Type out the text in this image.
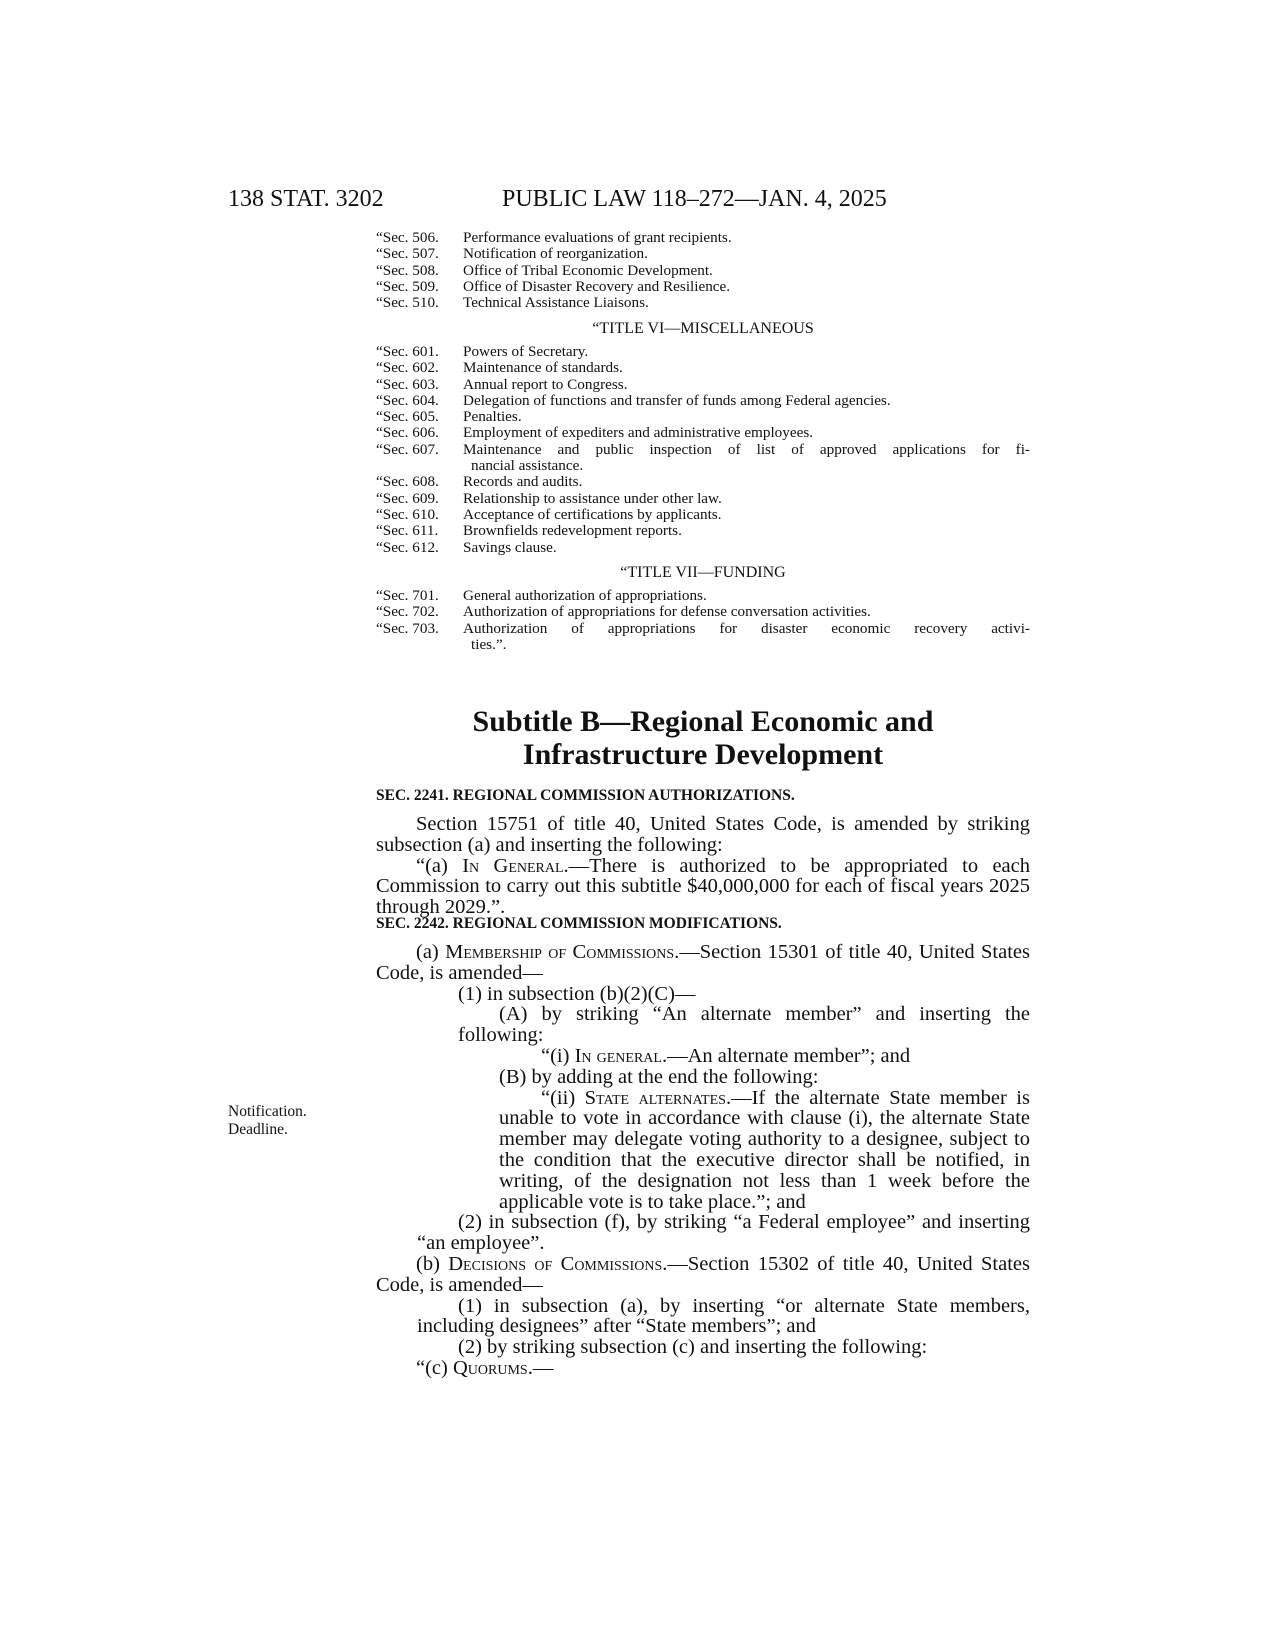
138 STAT. 3202	PUBLIC LAW 118–272—JAN. 4, 2025
“Sec. 506.	Performance evaluations of grant recipients.
“Sec. 507.	Notification of reorganization.
“Sec. 508.	Office of Tribal Economic Development.
“Sec. 509.	Office of Disaster Recovery and Resilience.
“Sec. 510.	Technical Assistance Liaisons.
“TITLE VI—MISCELLANEOUS
“Sec. 601.	Powers of Secretary.
“Sec. 602.	Maintenance of standards.
“Sec. 603.	Annual report to Congress.
“Sec. 604.	Delegation of functions and transfer of funds among Federal agencies.
“Sec. 605.	Penalties.
“Sec. 606.	Employment of expediters and administrative employees.
“Sec. 607.	Maintenance and public inspection of list of approved applications for fi-
nancial assistance.
“Sec. 608.	Records and audits.
“Sec. 609.	Relationship to assistance under other law.
“Sec. 610.	Acceptance of certifications by applicants.
“Sec. 611.	Brownfields redevelopment reports.
“Sec. 612.	Savings clause.
“TITLE VII—FUNDING
“Sec. 701.	General authorization of appropriations.
“Sec. 702.	Authorization of appropriations for defense conversation activities.
“Sec. 703.	Authorization of appropriations for disaster economic recovery activi-
ties.”.
Subtitle B—Regional Economic and
Infrastructure Development
SEC. 2241. REGIONAL COMMISSION AUTHORIZATIONS.

Section 15751 of title 40, United States Code, is amended by striking subsection (a) and inserting the following:

“(a) In General.—There is authorized to be appropriated to each Commission to carry out this subtitle $40,000,000 for each of fiscal years 2025 through 2029.”.

SEC. 2242. REGIONAL COMMISSION MODIFICATIONS.

(a) Membership of Commissions.—Section 15301 of title 40, United States Code, is amended—

(1) in subsection (b)(2)(C)—

(A) by striking “An alternate member” and inserting the following:

“(i) In general.—An alternate member”; and

(B) by adding at the end the following:

“(ii) State alternates.—If the alternate State member is unable to vote in accordance with clause (i), the alternate State member may delegate voting authority to a designee, subject to the condition that the executive director shall be notified, in writing, of the designation not less than 1 week before the applicable vote is to take place.”; and

(2) in subsection (f), by striking “a Federal employee” and inserting “an employee”.

(b) Decisions of Commissions.—Section 15302 of title 40, United States Code, is amended—

(1) in subsection (a), by inserting “or alternate State members, including designees” after “State members”; and

(2) by striking subsection (c) and inserting the following:

“(c) Quorums.—

Notification.
Deadline.
